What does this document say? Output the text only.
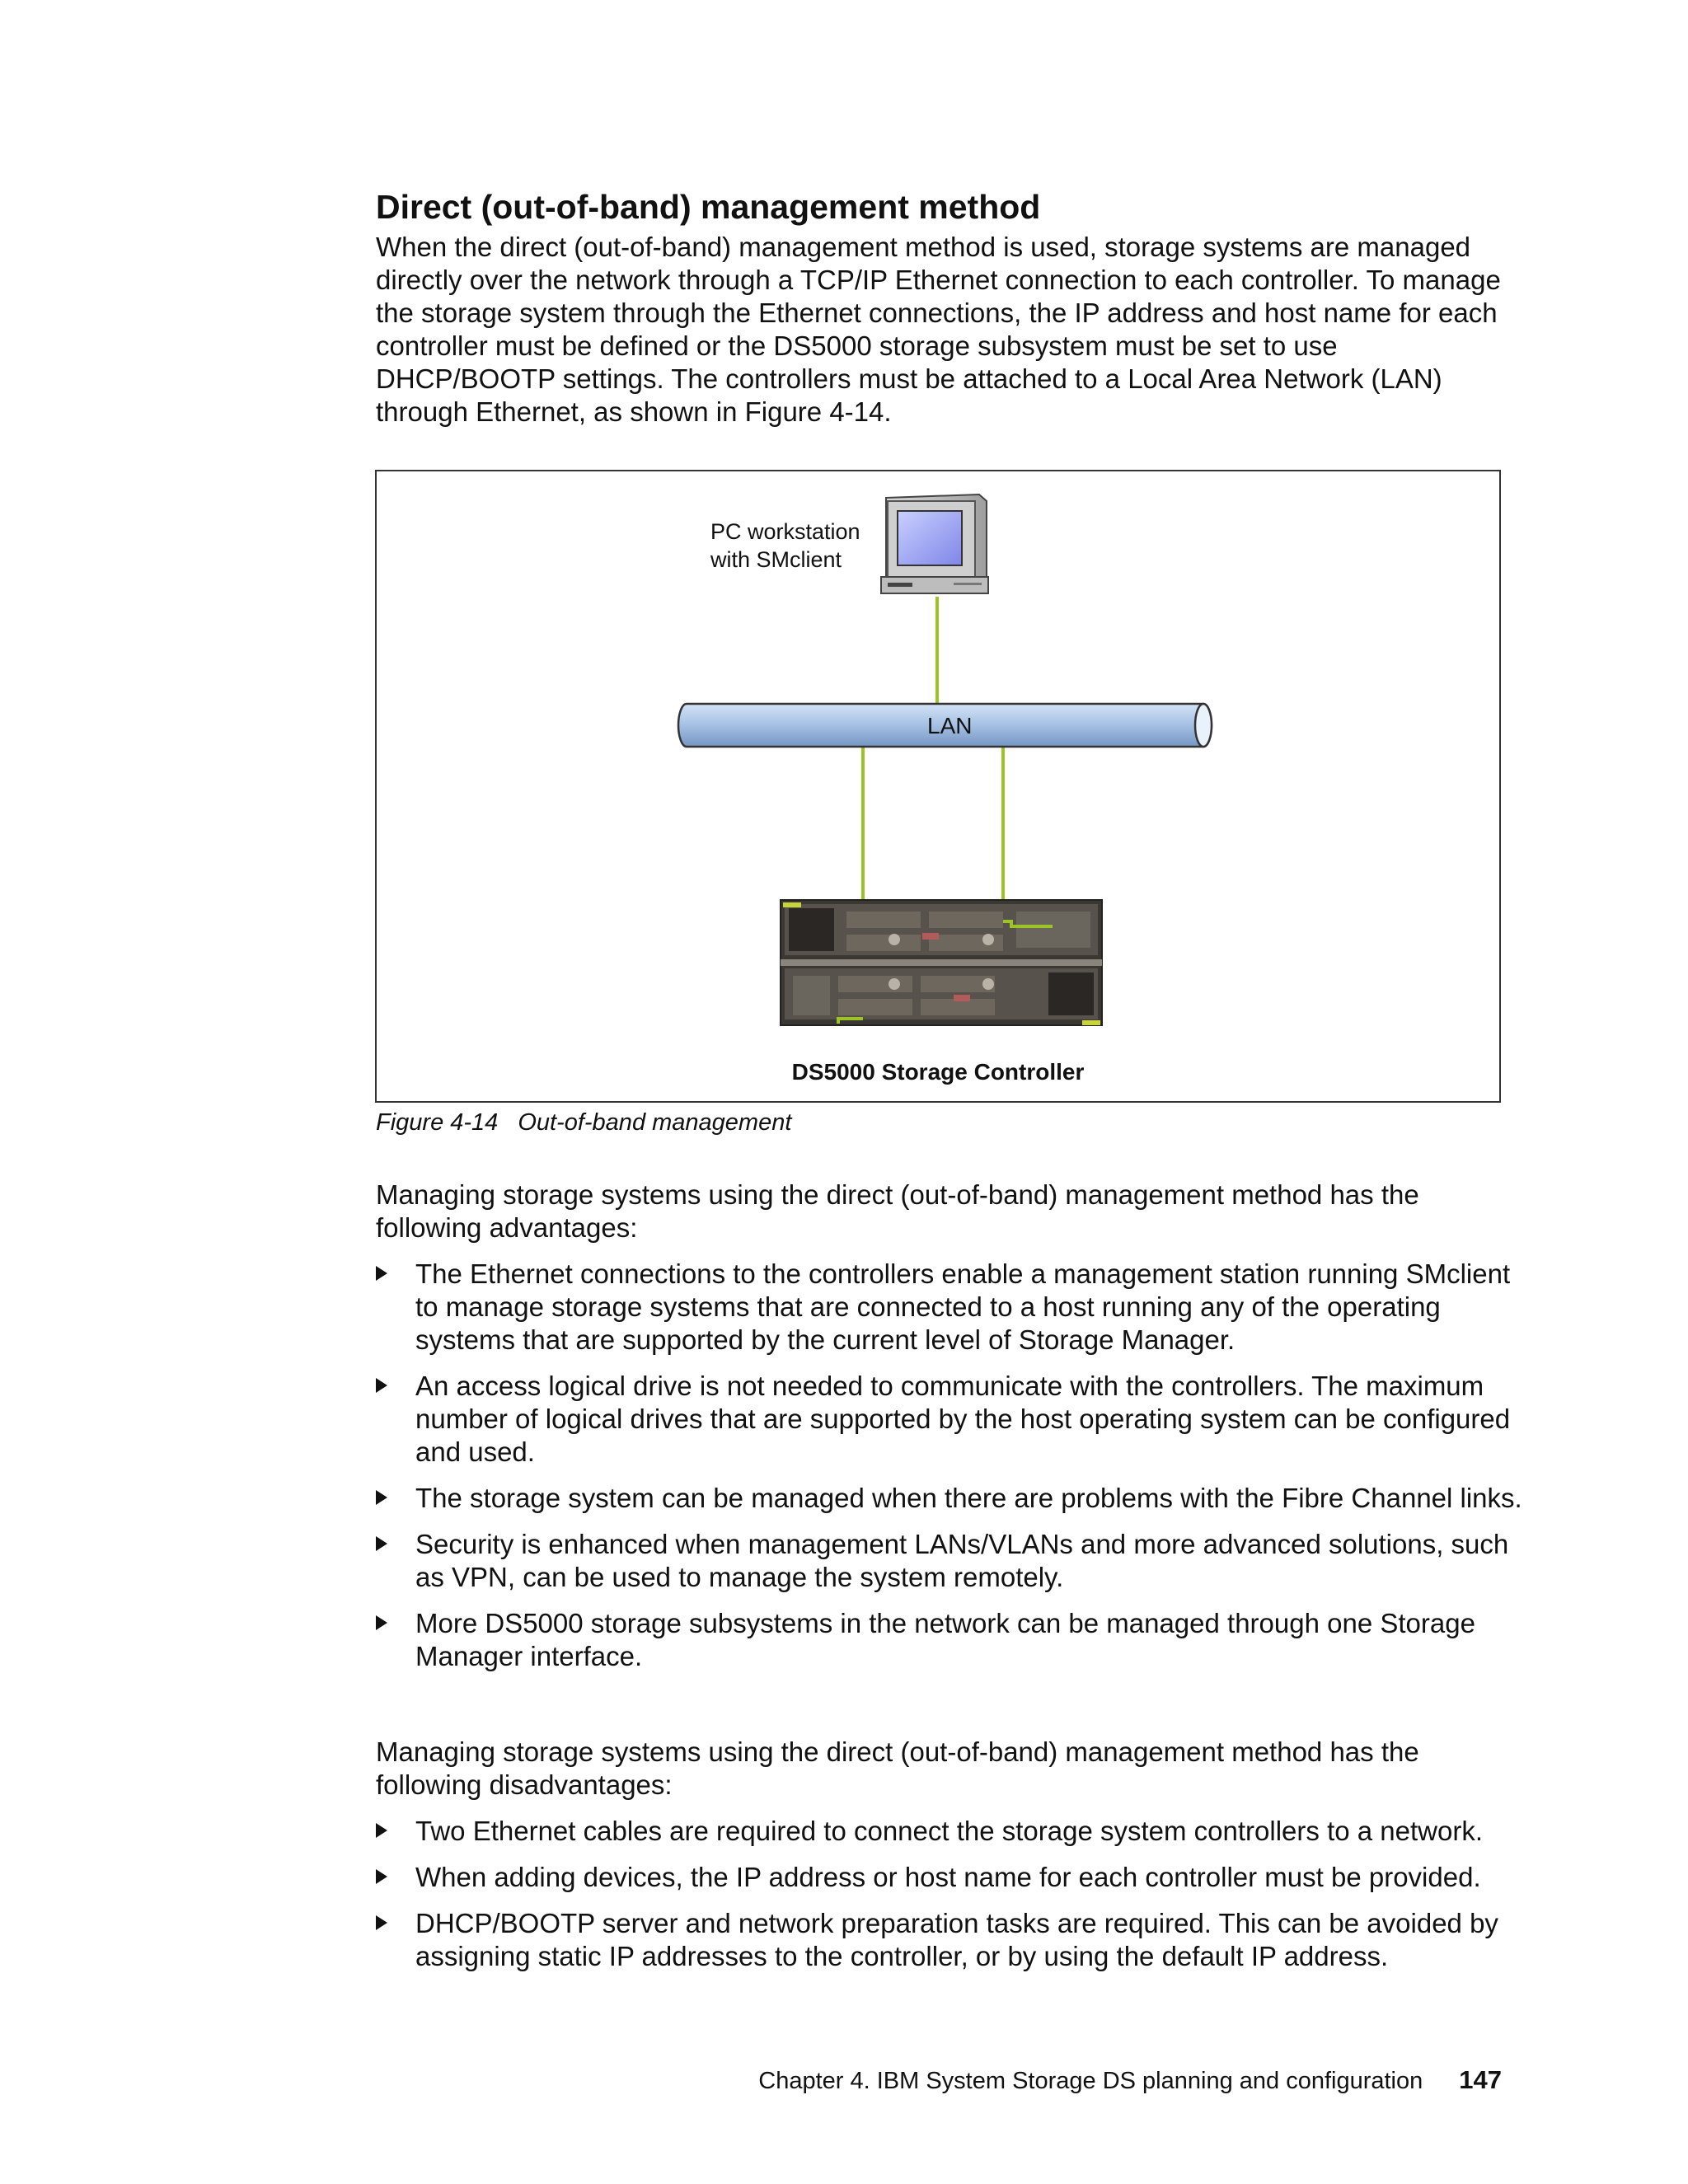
Direct (out-of-band) management method

When the direct (out-of-band) management method is used, storage systems are managed directly over the network through a TCP/IP Ethernet connection to each controller. To manage the storage system through the Ethernet connections, the IP address and host name for each controller must be defined or the DS5000 storage subsystem must be set to use DHCP/BOOTP settings. The controllers must be attached to a Local Area Network (LAN) through Ethernet, as shown in Figure 4-14.

PC workstation
with SMclient
LAN
DS5000 Storage Controller

Figure 4-14 Out-of-band management

Managing storage systems using the direct (out-of-band) management method has the following advantages:

The Ethernet connections to the controllers enable a management station running SMclient to manage storage systems that are connected to a host running any of the operating systems that are supported by the current level of Storage Manager.
An access logical drive is not needed to communicate with the controllers. The maximum number of logical drives that are supported by the host operating system can be configured and used.
The storage system can be managed when there are problems with the Fibre Channel links.
Security is enhanced when management LANs/VLANs and more advanced solutions, such as VPN, can be used to manage the system remotely.
More DS5000 storage subsystems in the network can be managed through one Storage Manager interface.

Managing storage systems using the direct (out-of-band) management method has the following disadvantages:

Two Ethernet cables are required to connect the storage system controllers to a network.
When adding devices, the IP address or host name for each controller must be provided.
DHCP/BOOTP server and network preparation tasks are required. This can be avoided by assigning static IP addresses to the controller, or by using the default IP address.
Chapter 4. IBM System Storage DS planning and configuration 147
